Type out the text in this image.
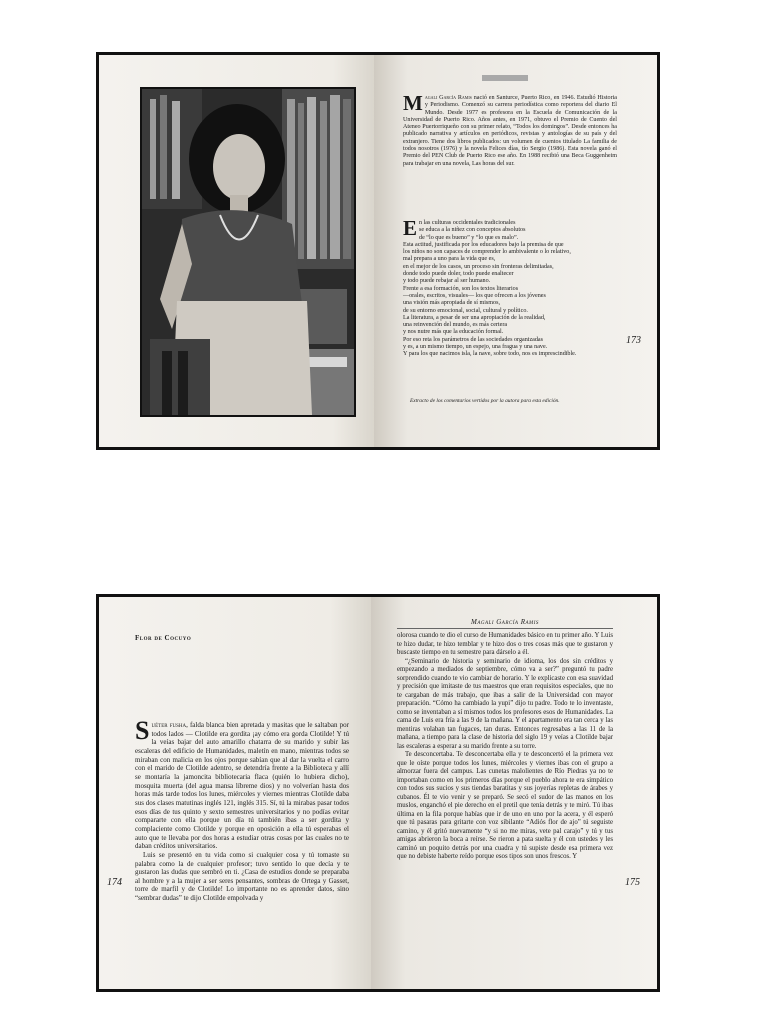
Magali García Ramis nació en Santurce, Puerto Rico, en 1946. Estudió Historia y Periodismo. Comenzó su carrera periodística como reportera del diario El Mundo. Desde 1977 es profesora en la Escuela de Comunicación de la Universidad de Puerto Rico. Años antes, en 1971, obtuvo el Premio de Cuento del Ateneo Puertorriqueño con su primer relato, “Todos los domingos”. Desde entonces ha publicado narrativa y artículos en periódicos, revistas y antologías de su país y del extranjero. Tiene dos libros publicados: un volumen de cuentos titulado La familia de todos nosotros (1976) y la novela Felices días, tío Sergio (1986). Esta novela ganó el Premio del PEN Club de Puerto Rico ese año. En 1988 recibió una Beca Guggenheim para trabajar en una novela, Las horas del sur.

E n las culturas occidentales tradicionales
se educa a la niñez con conceptos absolutos
de “lo que es bueno” y “lo que es malo”.
Esta actitud, justificada por los educadores bajo la premisa de que
los niños no son capaces de comprender lo ambivalente o lo relativo,
mal prepara a uno para la vida que es,
en el mejor de los casos, un proceso sin fronteras delimitadas,
donde todo puede doler, todo puede enaltecer
y todo puede rebajar al ser humano.
Frente a esa formación, son los textos literarios
—orales, escritos, visuales— los que ofrecen a los jóvenes
una visión más apropiada de sí mismos,
de su entorno emocional, social, cultural y político.
La literatura, a pesar de ser una apropiación de la realidad,
una reinvención del mundo, es más certera
y nos nutre más que la educación formal.
Por eso reta los parámetros de las sociedades organizadas
y es, a un mismo tiempo, un espejo, una fragua y una nave.
Y para los que nacimos isla, la nave, sobre todo, nos es imprescindible.
Extracto de los comentarios vertidos por la autora para esta edición.
173
Flor de Cocuyo

Suéter fusha, falda blanca bien apretada y masitas que le saltaban por todos lados — Clotilde era gordita ¡ay cómo era gorda Clotilde! Y tú la veías bajar del auto amarillo chatarra de su marido y subir las escaleras del edificio de Humanidades, maletín en mano, mientras todos se miraban con malicia en los ojos porque sabían que al dar la vuelta el carro con el marido de Clotilde adentro, se detendría frente a la Biblioteca y allí se montaría la jamoncita bibliotecaria flaca (quién lo hubiera dicho), mosquita muerta (del agua mansa líbreme dios) y no volverían hasta dos horas más tarde todos los lunes, miércoles y viernes mientras Clotilde daba sus dos clases matutinas inglés 121, inglés 315. Sí, tú la mirabas pasar todos esos días de tus quinto y sexto semestres universitarios y no podías evitar compararte con ella porque un día tú también ibas a ser gordita y complaciente como Clotilde y porque en oposición a ella tú esperabas el auto que te llevaba por dos horas a estudiar otras cosas por las cuales no te daban créditos universitarios.

Luis se presentó en tu vida como si cualquier cosa y tú tomaste su palabra como la de cualquier profesor; tuvo sentido lo que decía y te gustaron las dudas que sembró en ti. ¿Casa de estudios donde se preparaba al hombre y a la mujer a ser seres pensantes, sombras de Ortega y Gasset, torre de marfil y de Clotilde! Lo importante no es aprender datos, sino “sembrar dudas” te dijo Clotilde empolvada y

174
Magali García Ramis

olorosa cuando te dio el curso de Humanidades básico en tu primer año. Y Luis te hizo dudar, te hizo temblar y te hizo dos o tres cosas más que te gustaron y buscaste tiempo en tu semestre para dárselo a él.

“¿Seminario de historia y seminario de idioma, los dos sin créditos y empezando a mediados de septiembre, cómo va a ser?” preguntó tu padre sorprendido cuando te vio cambiar de horario. Y le explicaste con esa suavidad y precisión que imitaste de tus maestros que eran requisitos especiales, que no te cargaban de más trabajo, que ibas a salir de la Universidad con mayor preparación. “Cómo ha cambiado la yupi” dijo tu padre. Todo te lo inventaste, como se inventaban a sí mismos todos los profesores esos de Humanidades. La cama de Luis era fría a las 9 de la mañana. Y el apartamento era tan cerca y las mentiras volaban tan fugaces, tan duras. Entonces regresabas a las 11 de la mañana, a tiempo para la clase de historia del siglo 19 y veías a Clotilde bajar las escaleras a esperar a su marido frente a su torre.

Te desconcertaba. Te desconcertaba ella y te desconcertó el la primera vez que le oíste porque todos los lunes, miércoles y viernes ibas con el grupo a almorzar fuera del campus. Las cunetas malolientes de Río Piedras ya no te importaban como en los primeros días porque el pueblo ahora te era simpático con todos sus sucios y sus tiendas baratitas y sus joyerías repletas de árabes y cubanos. Él te vio venir y se preparó. Se secó el sudor de las manos en los muslos, enganchó el pie derecho en el pretil que tenía detrás y te miró. Tú ibas última en la fila porque habías que ir de uno en uno por la acera, y él esperó que tú pasaras para gritarte con voz sibilante “Adiós flor de ajo” tú seguiste camino, y él gritó nuevamente “y si no me miras, vete pal carajo” y tú y tus amigas abrieron la boca a reírse. Se rieron a pata suelta y él con ustedes y les caminó un poquito detrás por una cuadra y tú supiste desde esa primera vez que no debiste haberte reído porque esos tipos son unos frescos. Y

175
